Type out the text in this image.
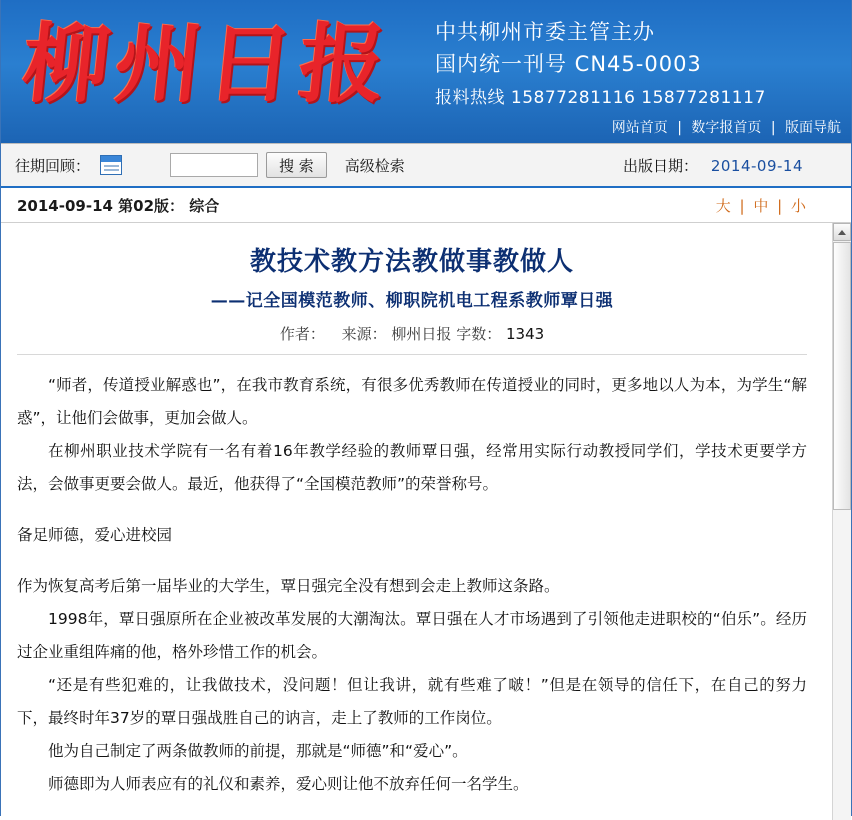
柳州日报	中共柳州市委主管主办
国内统一刊号 CN45-0003
报料热线 15877281116 15877281117
网站首页 | 数字报首页 | 版面导航
往期回顾：	搜 索	高级检索	出版日期： 2014-09-14
2014-09-14 第02版： 综合	大 | 中 | 小
教技术教方法教做事教做人
——记全国模范教师、柳职院机电工程系教师覃日强
作者： 来源： 柳州日报 字数： 1343

“师者，传道授业解惑也”，在我市教育系统，有很多优秀教师在传道授业的同时，更多地以人为本，为学生“解惑”，让他们会做事，更加会做人。

在柳州职业技术学院有一名有着16年教学经验的教师覃日强，经常用实际行动教授同学们，学技术更要学方法，会做事更要会做人。最近，他获得了“全国模范教师”的荣誉称号。

备足师德，爱心进校园

作为恢复高考后第一届毕业的大学生，覃日强完全没有想到会走上教师这条路。

1998年，覃日强原所在企业被改革发展的大潮淘汰。覃日强在人才市场遇到了引领他走进职校的“伯乐”。经历过企业重组阵痛的他，格外珍惜工作的机会。

“还是有些犯难的，让我做技术，没问题！但让我讲，就有些难了啵！”但是在领导的信任下，在自己的努力下，最终时年37岁的覃日强战胜自己的讷言，走上了教师的工作岗位。

他为自己制定了两条做教师的前提，那就是“师德”和“爱心”。

师德即为人师表应有的礼仪和素养，爱心则让他不放弃任何一名学生。
